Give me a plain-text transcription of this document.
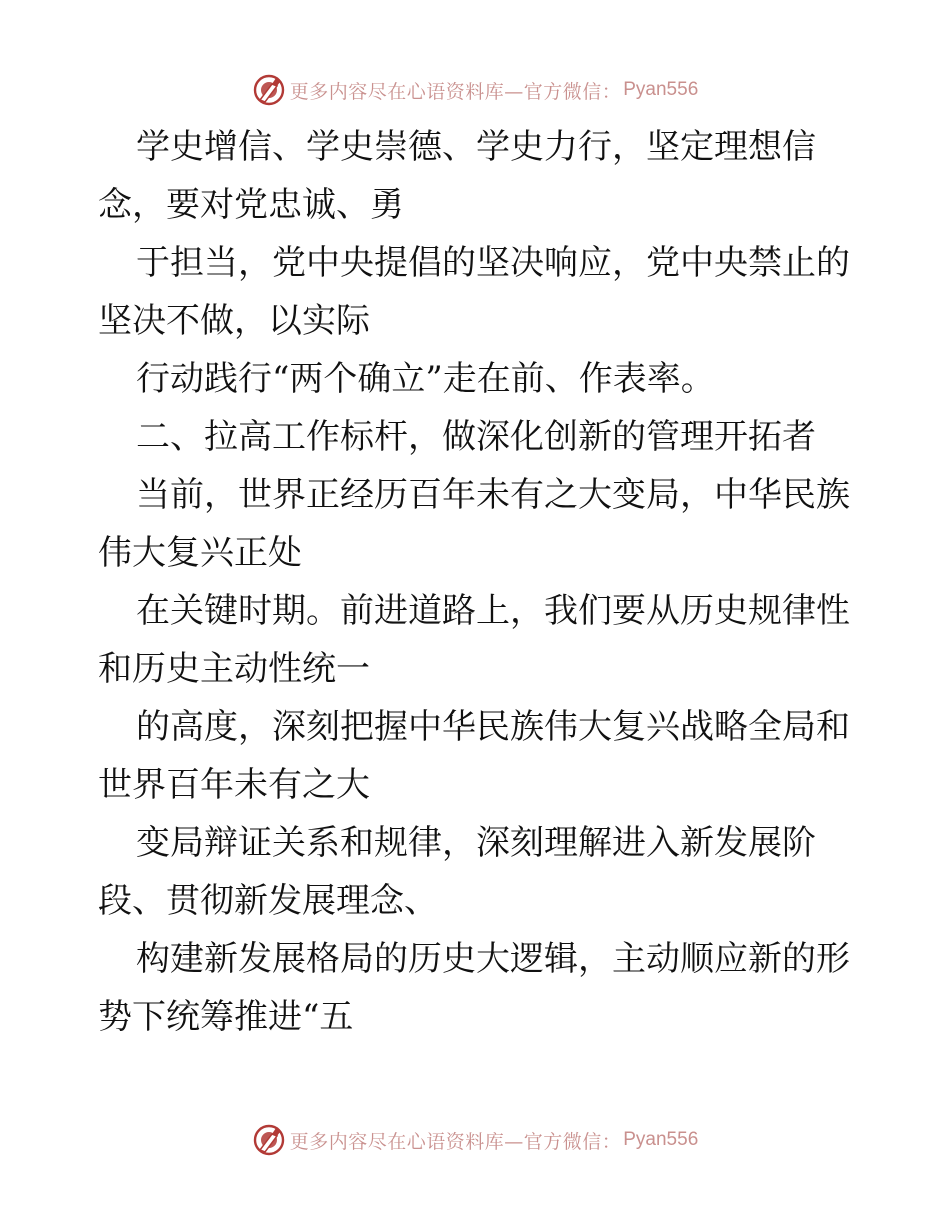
更多内容尽在心语资料库—官方微信： Pyan556
学史增信、学史崇德、学史力行，坚定理想信
念，要对党忠诚、勇
于担当，党中央提倡的坚决响应，党中央禁止的
坚决不做，以实际
行动践行“两个确立”走在前、作表率。
二、拉高工作标杆，做深化创新的管理开拓者
当前，世界正经历百年未有之大变局，中华民族
伟大复兴正处
在关键时期。前进道路上，我们要从历史规律性
和历史主动性统一
的高度，深刻把握中华民族伟大复兴战略全局和
世界百年未有之大
变局辩证关系和规律，深刻理解进入新发展阶
段、贯彻新发展理念、
构建新发展格局的历史大逻辑，主动顺应新的形
势下统筹推进“五
更多内容尽在心语资料库—官方微信： Pyan556
